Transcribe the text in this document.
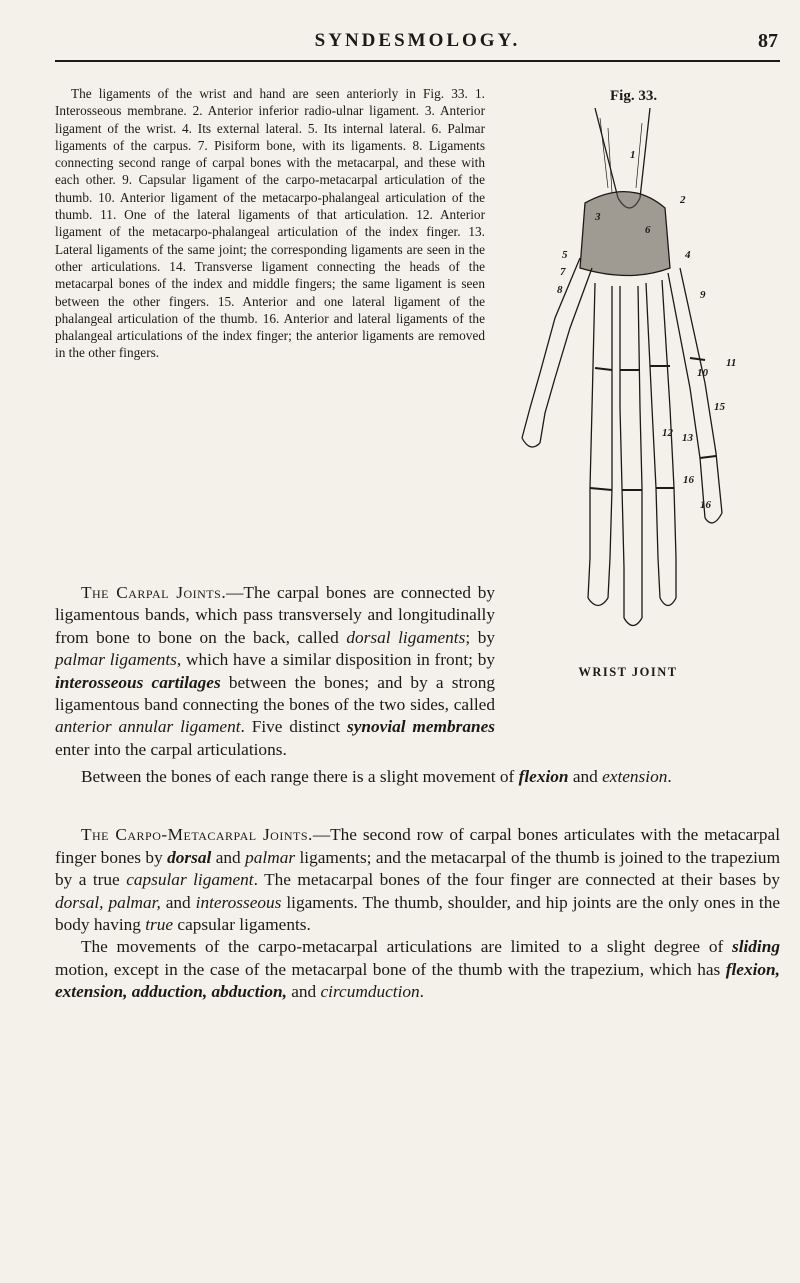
SYNDESMOLOGY.	87

The ligaments of the wrist and hand are seen anteriorly in Fig. 33. 1. Interosseous membrane. 2. Anterior inferior radio-ulnar ligament. 3. Anterior ligament of the wrist. 4. Its external lateral. 5. Its internal lateral. 6. Palmar ligaments of the carpus. 7. Pisiform bone, with its ligaments. 8. Ligaments connecting second range of carpal bones with the metacarpal, and these with each other. 9. Capsular ligament of the carpo-metacarpal articulation of the thumb. 10. Anterior ligament of the metacarpo-phalangeal articulation of the thumb. 11. One of the lateral ligaments of that articulation. 12. Anterior ligament of the metacarpo-phalangeal articulation of the index finger. 13. Lateral ligaments of the same joint; the corresponding ligaments are seen in the other articulations. 14. Transverse ligament connecting the heads of the metacarpal bones of the index and middle fingers; the same ligament is seen between the other fingers. 15. Anterior and one lateral ligament of the phalangeal articulation of the thumb. 16. Anterior and lateral ligaments of the phalangeal articulations of the index finger; the anterior ligaments are removed in the other fingers.

Fig. 33.
1
2
3
4
5
6
7
8	9
10
11
13
15
16
16
12
WRIST JOINT

The Carpal Joints.—The carpal bones are connected by ligamentous bands, which pass transversely and longitudinally from bone to bone on the back, called dorsal ligaments; by palmar ligaments, which have a similar disposition in front; by interosseous cartilages between the bones; and by a strong ligamentous band connecting the bones of the two sides, called anterior annular ligament. Five distinct synovial membranes enter into the carpal articulations.

Between the bones of each range there is a slight movement of flexion and extension.

The Carpo-Metacarpal Joints.—The second row of carpal bones articulates with the metacarpal finger bones by dorsal and palmar ligaments; and the metacarpal of the thumb is joined to the trapezium by a true capsular ligament. The metacarpal bones of the four finger are connected at their bases by dorsal, palmar, and interosseous ligaments. The thumb, shoulder, and hip joints are the only ones in the body having true capsular ligaments.

The movements of the carpo-metacarpal articulations are limited to a slight degree of sliding motion, except in the case of the metacarpal bone of the thumb with the trapezium, which has flexion, extension, adduction, abduction, and circumduction.
